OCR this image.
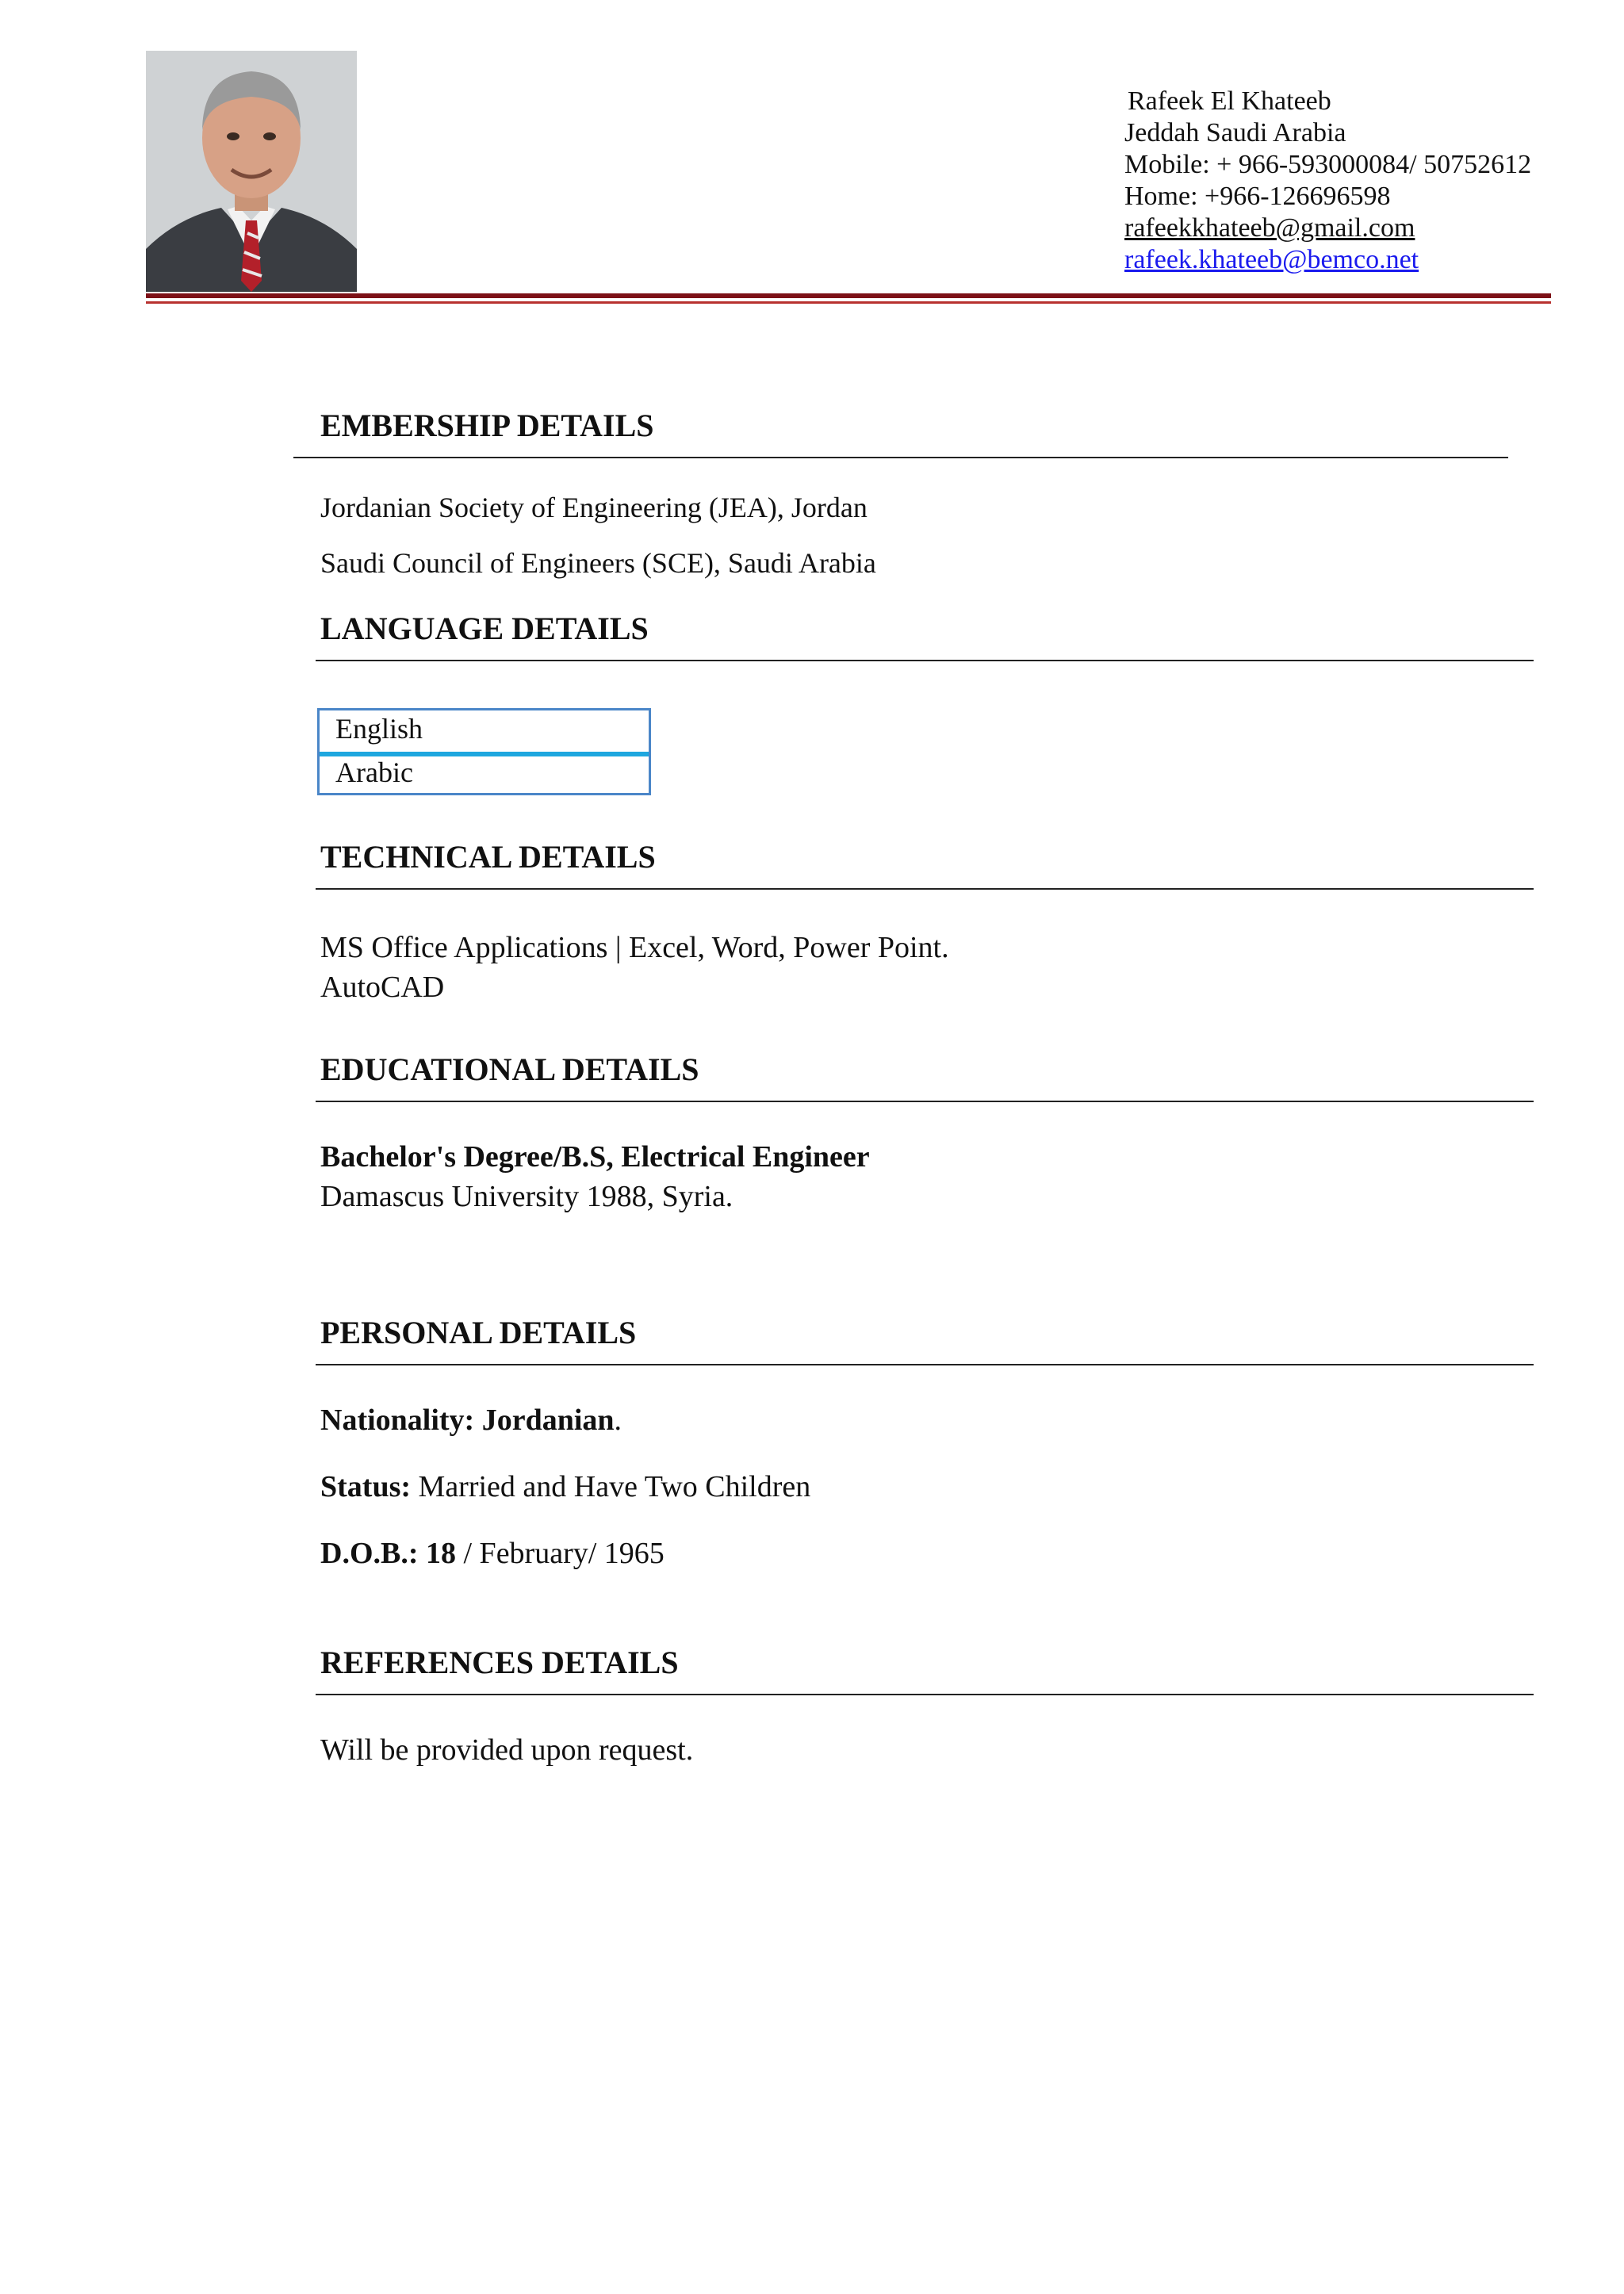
Rafeek El Khateeb
Jeddah Saudi Arabia
Mobile: + 966-593000084/ 50752612
Home: +966-126696598
rafeekkhateeb@gmail.com
rafeek.khateeb@bemco.net
EMBERSHIP DETAILS
Jordanian Society of Engineering (JEA), Jordan
Saudi Council of Engineers (SCE), Saudi Arabia
LANGUAGE DETAILS
English
Arabic
TECHNICAL DETAILS
MS Office Applications | Excel, Word, Power Point.
AutoCAD
EDUCATIONAL DETAILS
Bachelor's Degree/B.S, Electrical Engineer
Damascus University 1988, Syria.
PERSONAL DETAILS
Nationality: Jordanian.
Status: Married and Have Two Children
D.O.B.: 18 / February/ 1965
REFERENCES DETAILS
Will be provided upon request.
